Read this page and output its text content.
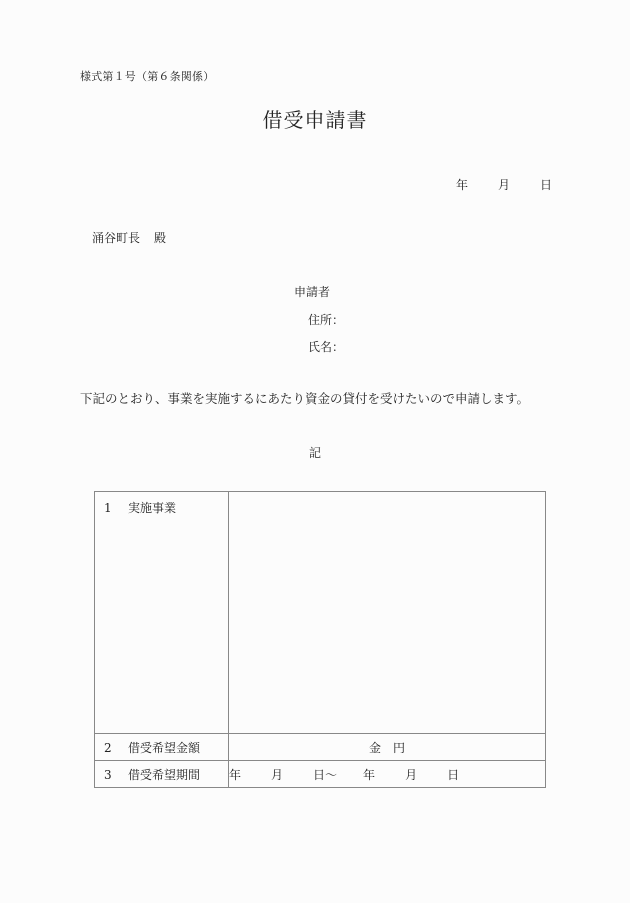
様式第１号（第６条関係）
借受申請書
年	月	日
涌谷町長 殿
申請者
住所：
氏名：
下記のとおり、事業を実施するにあたり資金の貸付を受けたいので申請します。
記
1 実施事業	
2 借受希望金額	金　円
3 借受希望期間	年 月 日～ 年 月 日
